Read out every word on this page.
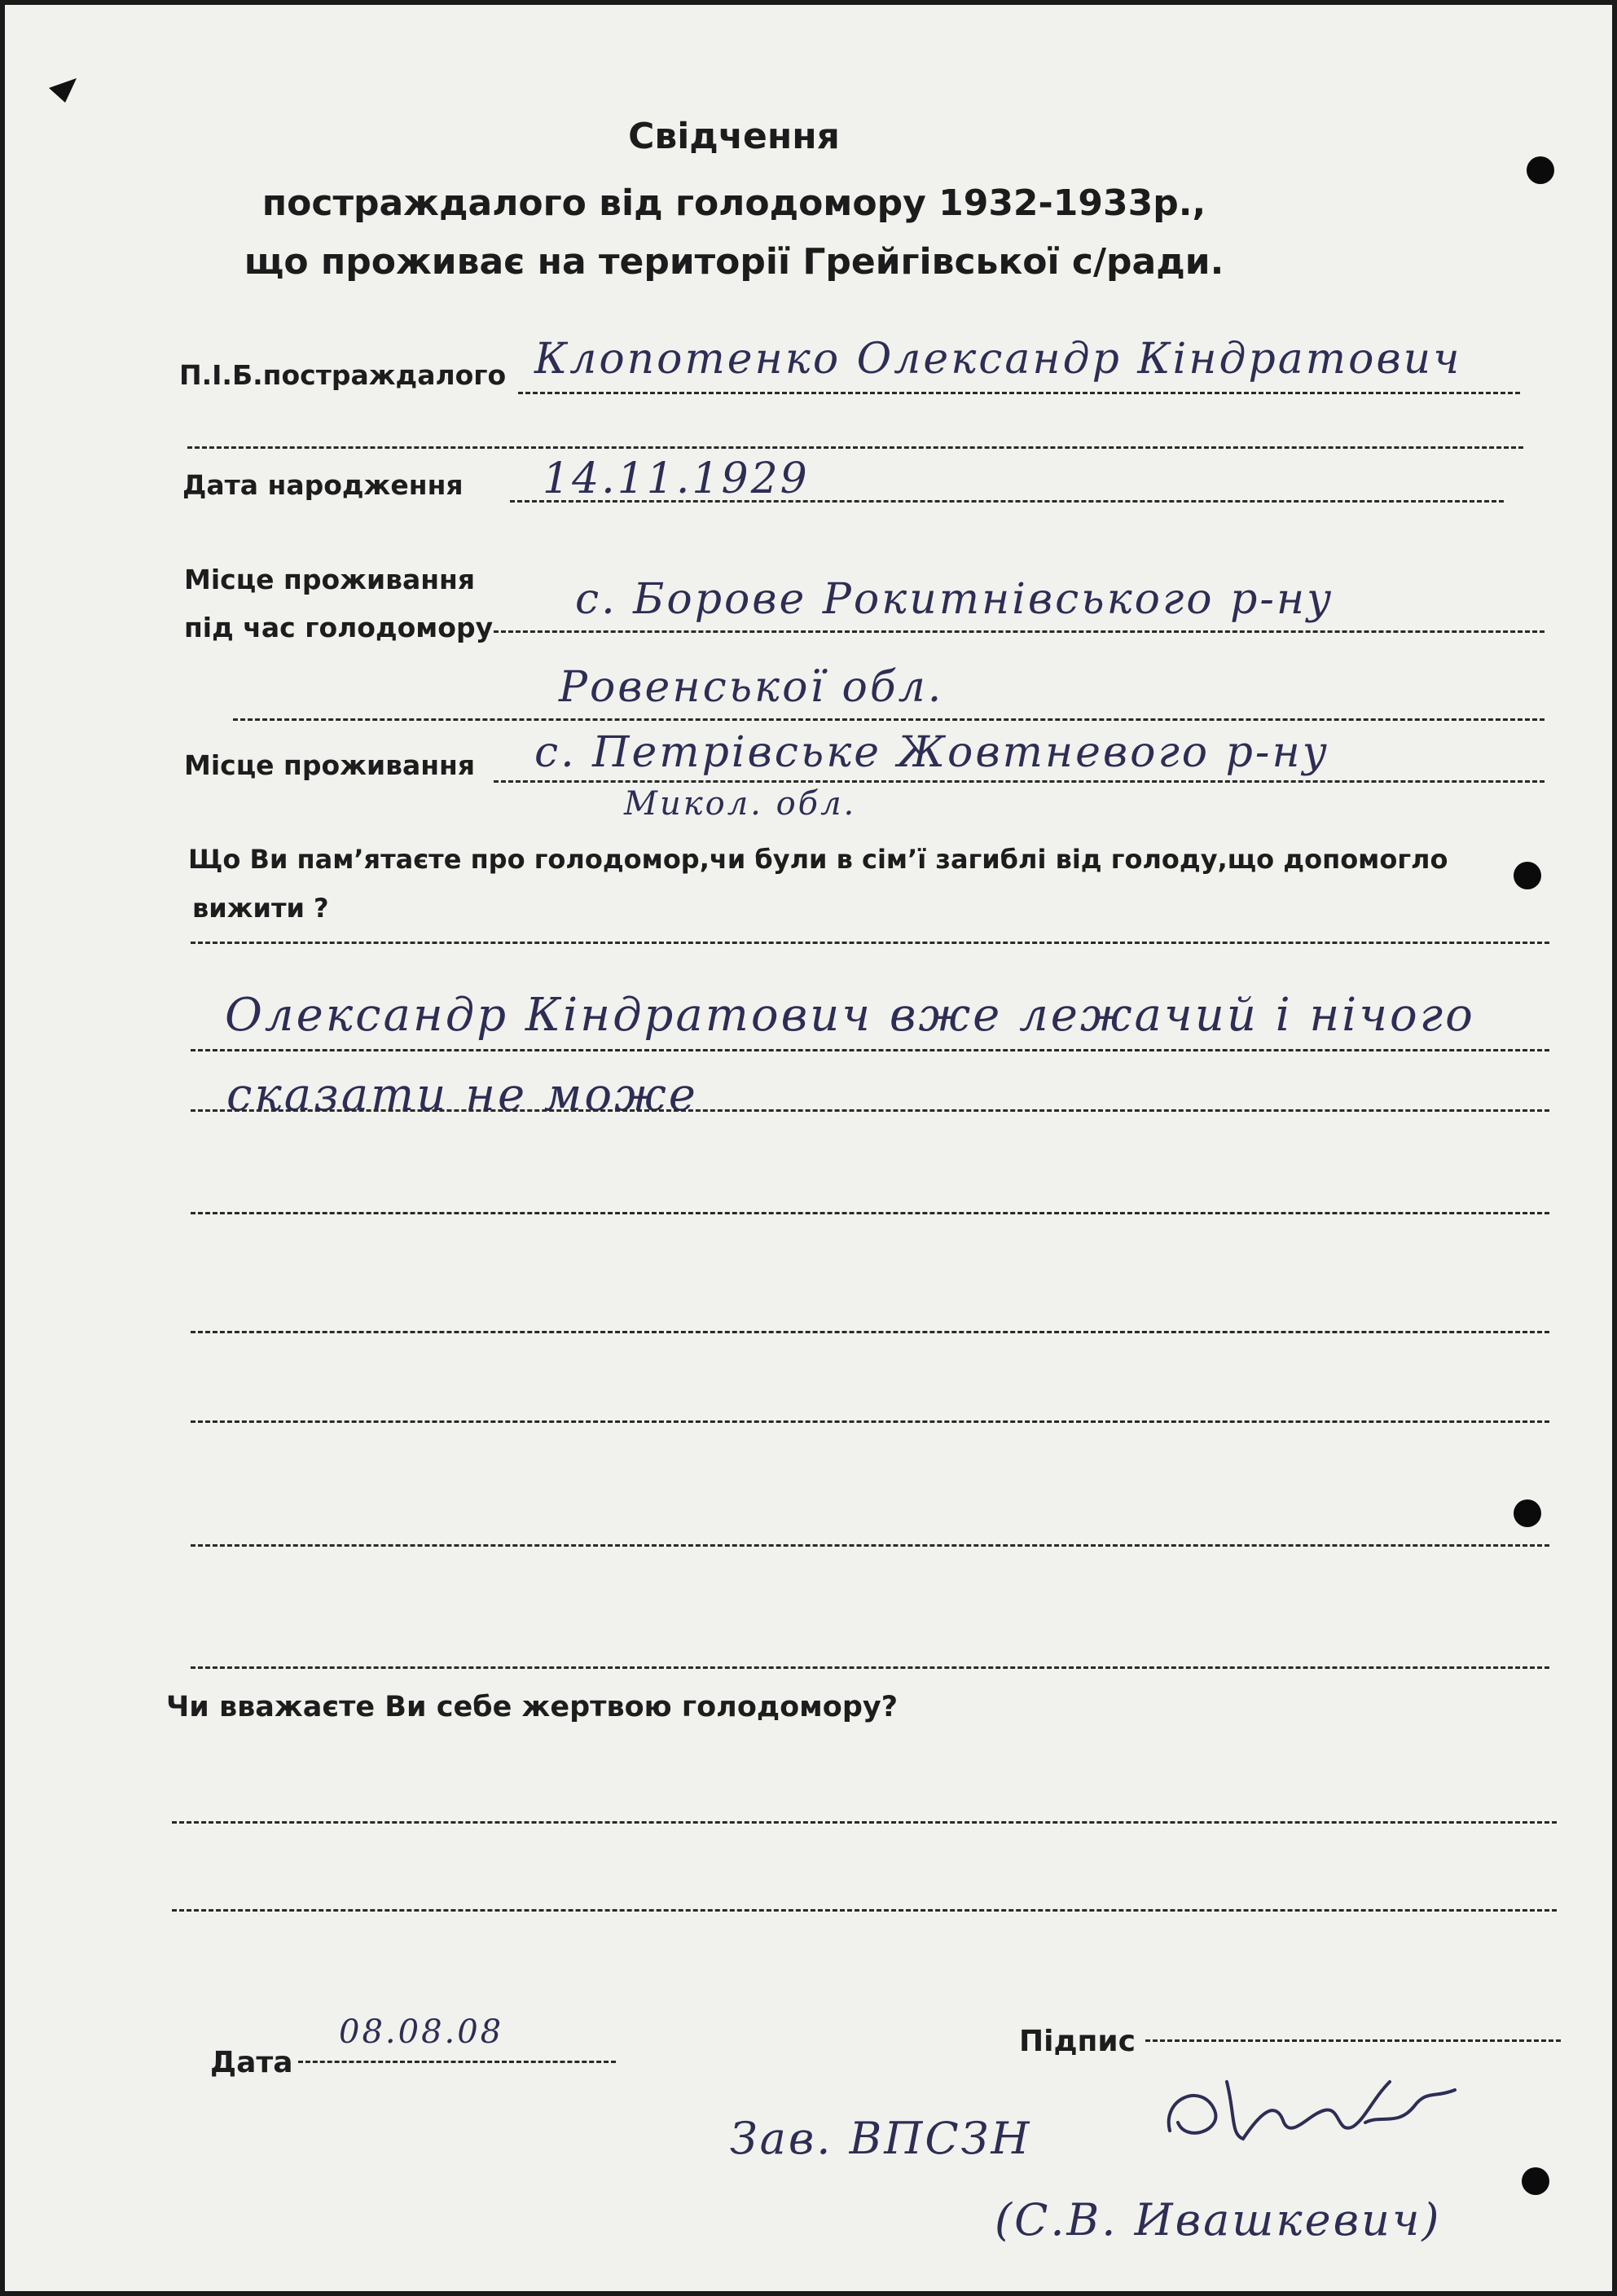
Свідчення
постраждалого від голодомору 1932-1933р.,
що проживає на території Грейгівської с/ради.
П.І.Б.постраждалого Клопотенко Олександр Кіндратович
Дата народження 14.11.1929
Місце проживання
під час голодомору
с. Борове Рокитнівського р-ну
Ровенської обл.
Місце проживання с. Петрівське Жовтневого р-ну
Микол. обл.
Що Ви пам’ятаєте про голодомор,чи були в сім’ї загиблі від голоду,що допомогло
вижити ?
Олександр Кіндратович вже лежачий і нічого
сказати не може
Чи вважаєте Ви себе жертвою голодомору?
Дата
08.08.08	Підпис
Зав. ВПСЗН
(С.В. Ивашкевич)
